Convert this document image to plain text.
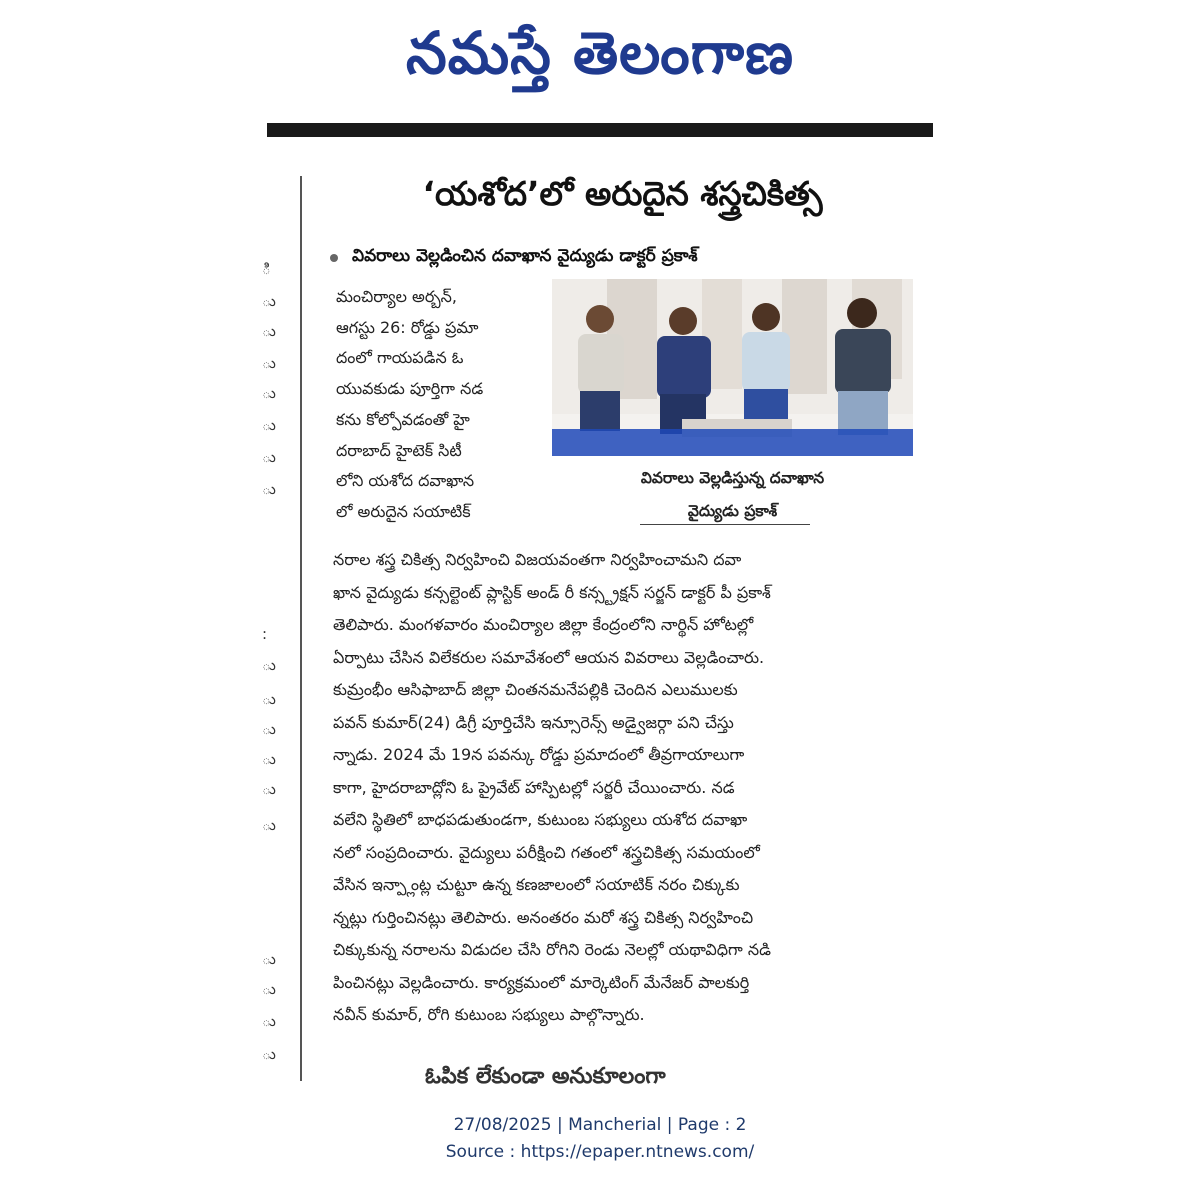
నమస్తే తెలంగాణ
ి
ు
ు
ు
ు
ు
ు
ు
:
ు
ు
ు
ు
ు
ు
ు
ు
ు
ు
‘యశోద’లో అరుదైన శస్త్రచికిత్స
వివరాలు వెల్లడించిన దవాఖాన వైద్యుడు డాక్టర్ ప్రకాశ్
మంచిర్యాల అర్బన్,
ఆగస్టు 26: రోడ్డు ప్రమా
దంలో గాయపడిన ఓ
యువకుడు పూర్తిగా నడ
కను కోల్పోవడంతో హై
దరాబాద్ హైటెక్ సిటీ
లోని యశోద దవాఖాన
లో అరుదైన సయాటిక్
వివరాలు వెల్లడిస్తున్న దవాఖాన
వైద్యుడు ప్రకాశ్
నరాల శస్త్ర చికిత్స నిర్వహించి విజయవంతగా నిర్వహించామని దవా
ఖాన వైద్యుడు కన్సల్టెంట్ ప్లాస్టిక్ అండ్ రీ కన్స్ట్రక్షన్ సర్జన్ డాక్టర్ పీ ప్రకాశ్
తెలిపారు. మంగళవారం మంచిర్యాల జిల్లా కేంద్రంలోని నార్థిన్ హోటల్లో
ఏర్పాటు చేసిన విలేకరుల సమావేశంలో ఆయన వివరాలు వెల్లడించారు.
కుమ్రంభీం ఆసిఫాబాద్ జిల్లా చింతనమనేపల్లికి చెందిన ఎలుములకు
పవన్ కుమార్(24) డిగ్రీ పూర్తిచేసి ఇన్సూరెన్స్ అడ్వైజర్గా పని చేస్తు
న్నాడు. 2024 మే 19న పవన్కు రోడ్డు ప్రమాదంలో తీవ్రగాయాలుగా
కాగా, హైదరాబాద్లోని ఓ ప్రైవేట్ హాస్పిటల్లో సర్జరీ చేయించారు. నడ
వలేని స్థితిలో బాధపడుతుండగా, కుటుంబ సభ్యులు యశోద దవాఖా
నలో సంప్రదించారు. వైద్యులు పరీక్షించి గతంలో శస్త్రచికిత్స సమయంలో
వేసిన ఇన్ప్లాంట్ల చుట్టూ ఉన్న కణజాలంలో సయాటిక్ నరం చిక్కుకు
న్నట్లు గుర్తించినట్లు తెలిపారు. అనంతరం మరో శస్త్ర చికిత్స నిర్వహించి
చిక్కుకున్న నరాలను విడుదల చేసి రోగిని రెండు నెలల్లో యథావిధిగా నడి
పించినట్లు వెల్లడించారు. కార్యక్రమంలో మార్కెటింగ్ మేనేజర్ పాలకుర్తి
నవీన్ కుమార్, రోగి కుటుంబ సభ్యులు పాల్గొన్నారు.
ఓపిక లేకుండా అనుకూలంగా
27/08/2025 | Mancherial | Page : 2
Source : https://epaper.ntnews.com/
